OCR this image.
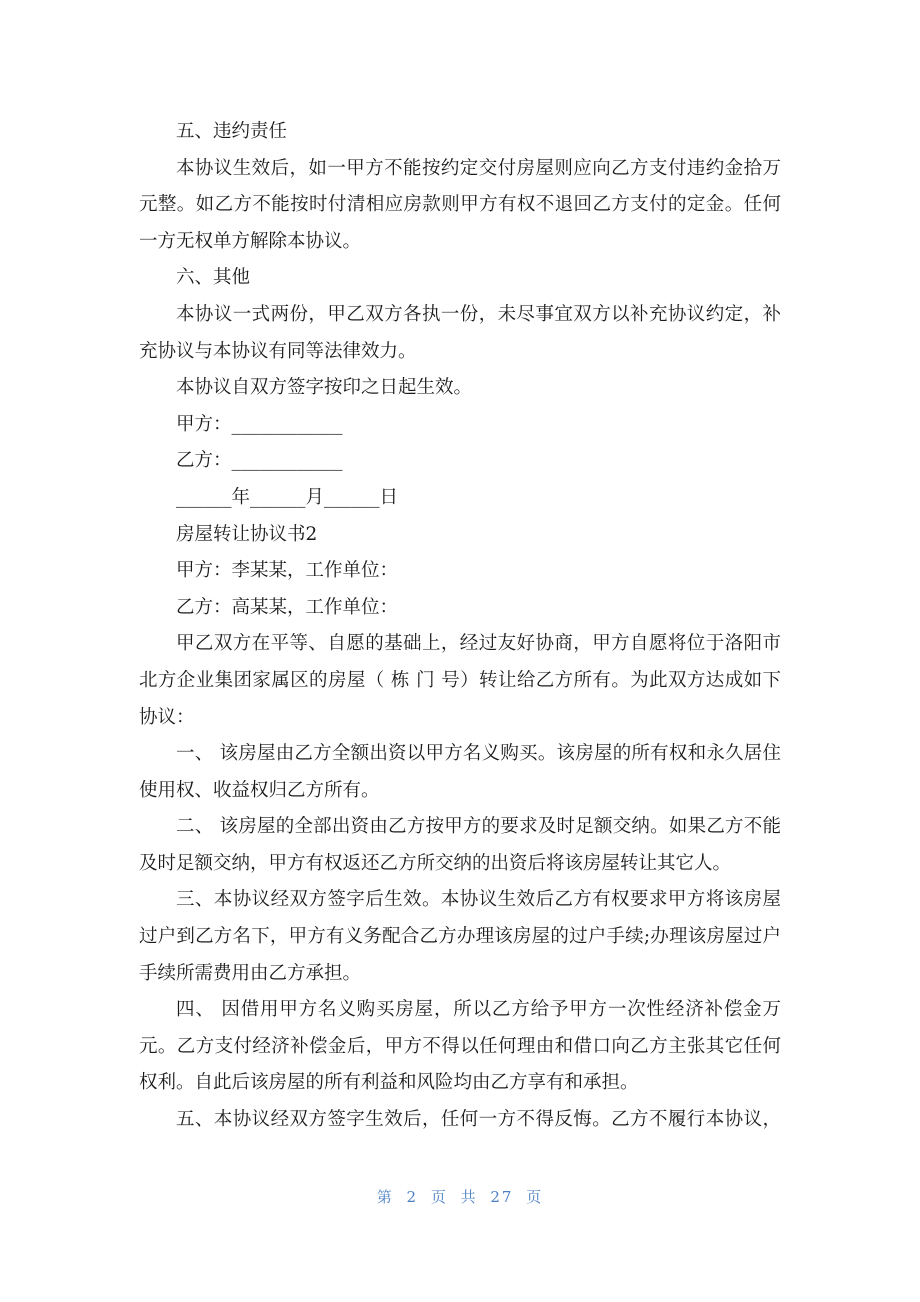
五、违约责任

本协议生效后，如一甲方不能按约定交付房屋则应向乙方支付违约金拾万元整。如乙方不能按时付清相应房款则甲方有权不退回乙方支付的定金。任何一方无权单方解除本协议。

六、其他

本协议一式两份，甲乙双方各执一份，未尽事宜双方以补充协议约定，补充协议与本协议有同等法律效力。

本协议自双方签字按印之日起生效。

甲方：____________

乙方：____________

______年______月______日

房屋转让协议书2

甲方：李某某，工作单位：

乙方：高某某，工作单位：

甲乙双方在平等、自愿的基础上，经过友好协商，甲方自愿将位于洛阳市北方企业集团家属区的房屋（ 栋 门 号）转让给乙方所有。为此双方达成如下协议：

一、 该房屋由乙方全额出资以甲方名义购买。该房屋的所有权和永久居住使用权、收益权归乙方所有。

二、 该房屋的全部出资由乙方按甲方的要求及时足额交纳。如果乙方不能及时足额交纳，甲方有权返还乙方所交纳的出资后将该房屋转让其它人。

三、本协议经双方签字后生效。本协议生效后乙方有权要求甲方将该房屋过户到乙方名下，甲方有义务配合乙方办理该房屋的过户手续;办理该房屋过户手续所需费用由乙方承担。

四、 因借用甲方名义购买房屋，所以乙方给予甲方一次性经济补偿金万元。乙方支付经济补偿金后，甲方不得以任何理由和借口向乙方主张其它任何权利。自此后该房屋的所有利益和风险均由乙方享有和承担。

五、本协议经双方签字生效后，任何一方不得反悔。乙方不履行本协议，

第 2 页 共 27 页
